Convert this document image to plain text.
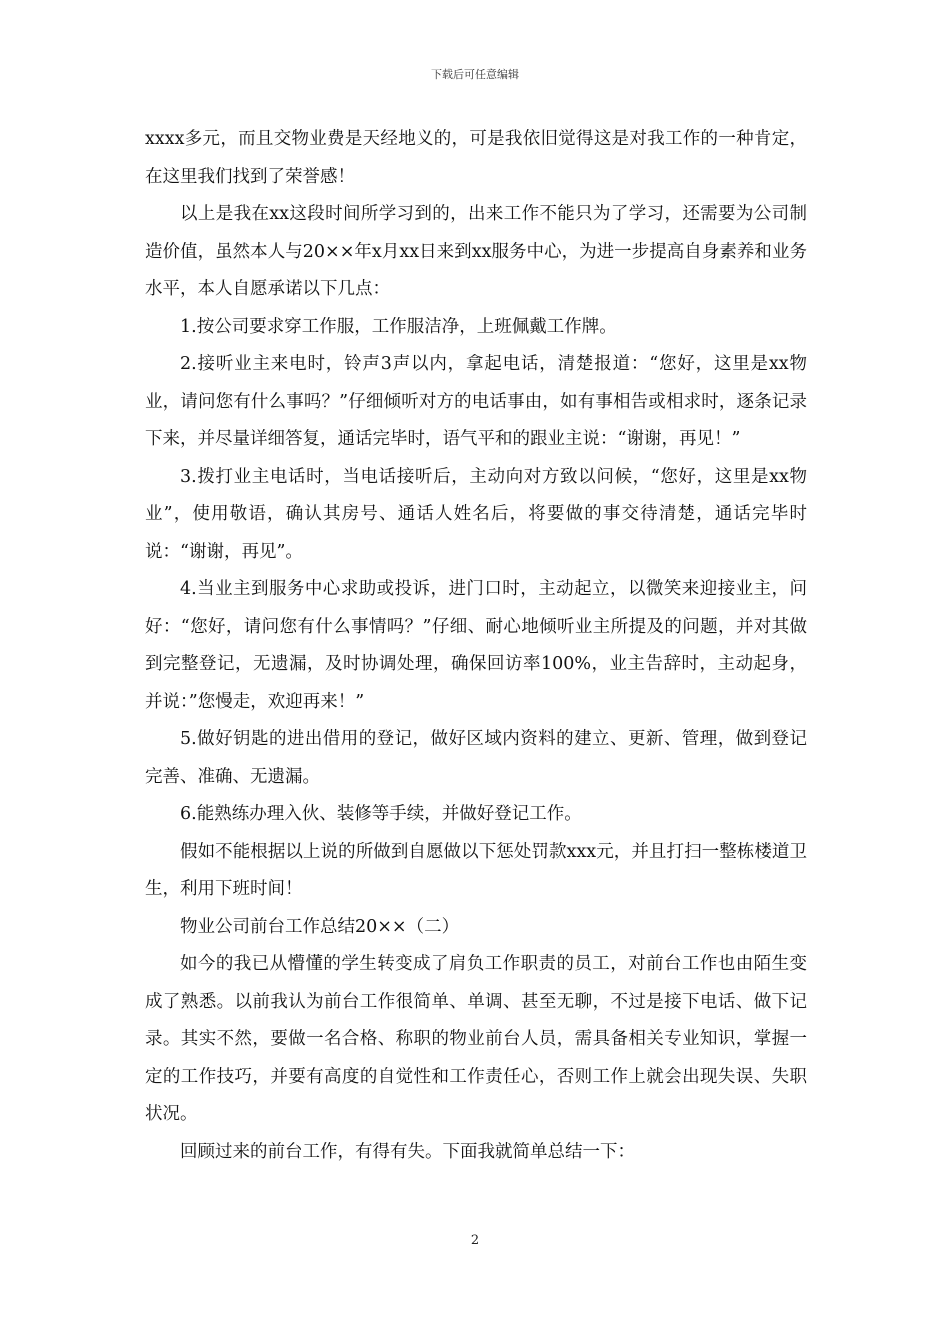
下载后可任意编辑

xxxx多元，而且交物业费是天经地义的，可是我依旧觉得这是对我工作的一种肯定，在这里我们找到了荣誉感！

以上是我在xx这段时间所学习到的，出来工作不能只为了学习，还需要为公司制造价值，虽然本人与20××年x月xx日来到xx服务中心，为进一步提高自身素养和业务水平，本人自愿承诺以下几点：

1.按公司要求穿工作服，工作服洁净，上班佩戴工作牌。

2.接听业主来电时，铃声3声以内，拿起电话，清楚报道：“您好，这里是xx物业，请问您有什么事吗？”仔细倾听对方的电话事由，如有事相告或相求时，逐条记录下来，并尽量详细答复，通话完毕时，语气平和的跟业主说：“谢谢，再见！”

3.拨打业主电话时，当电话接听后，主动向对方致以问候，“您好，这里是xx物业”，使用敬语，确认其房号、通话人姓名后，将要做的事交待清楚，通话完毕时说：“谢谢，再见”。

4.当业主到服务中心求助或投诉，进门口时，主动起立，以微笑来迎接业主，问好：“您好，请问您有什么事情吗？”仔细、耐心地倾听业主所提及的问题，并对其做到完整登记，无遗漏，及时协调处理，确保回访率100%，业主告辞时，主动起身，并说：”您慢走，欢迎再来！”

5.做好钥匙的进出借用的登记，做好区域内资料的建立、更新、管理，做到登记完善、准确、无遗漏。

6.能熟练办理入伙、装修等手续，并做好登记工作。

假如不能根据以上说的所做到自愿做以下惩处罚款xxx元，并且打扫一整栋楼道卫生，利用下班时间！

物业公司前台工作总结20××（二）

如今的我已从懵懂的学生转变成了肩负工作职责的员工，对前台工作也由陌生变成了熟悉。以前我认为前台工作很简单、单调、甚至无聊，不过是接下电话、做下记录。其实不然，要做一名合格、称职的物业前台人员，需具备相关专业知识，掌握一定的工作技巧，并要有高度的自觉性和工作责任心，否则工作上就会出现失误、失职状况。

回顾过来的前台工作，有得有失。下面我就简单总结一下：

2
